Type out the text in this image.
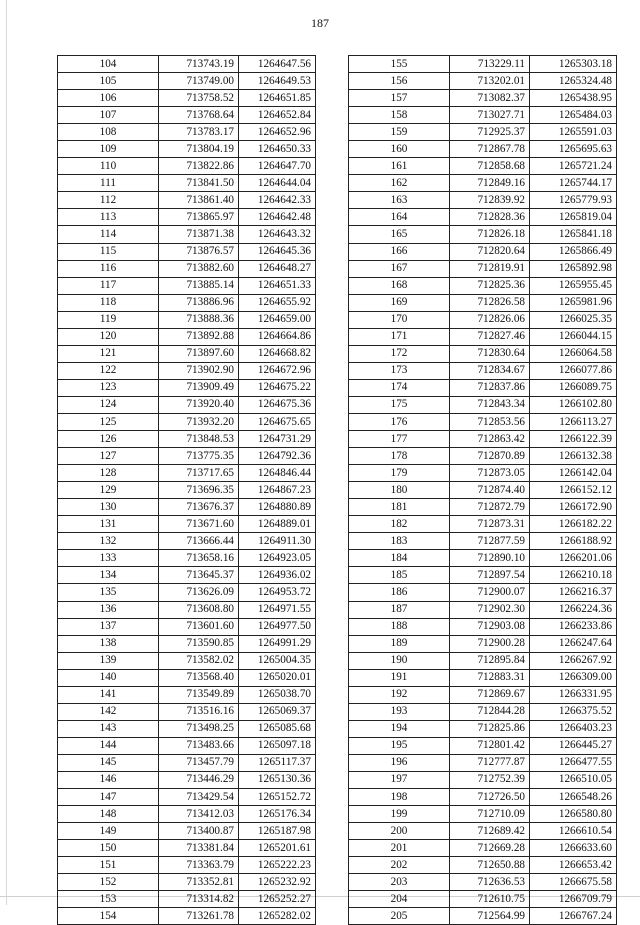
187
104	713743.19	1264647.56
105	713749.00	1264649.53
106	713758.52	1264651.85
107	713768.64	1264652.84
108	713783.17	1264652.96
109	713804.19	1264650.33
110	713822.86	1264647.70
111	713841.50	1264644.04
112	713861.40	1264642.33
113	713865.97	1264642.48
114	713871.38	1264643.32
115	713876.57	1264645.36
116	713882.60	1264648.27
117	713885.14	1264651.33
118	713886.96	1264655.92
119	713888.36	1264659.00
120	713892.88	1264664.86
121	713897.60	1264668.82
122	713902.90	1264672.96
123	713909.49	1264675.22
124	713920.40	1264675.36
125	713932.20	1264675.65
126	713848.53	1264731.29
127	713775.35	1264792.36
128	713717.65	1264846.44
129	713696.35	1264867.23
130	713676.37	1264880.89
131	713671.60	1264889.01
132	713666.44	1264911.30
133	713658.16	1264923.05
134	713645.37	1264936.02
135	713626.09	1264953.72
136	713608.80	1264971.55
137	713601.60	1264977.50
138	713590.85	1264991.29
139	713582.02	1265004.35
140	713568.40	1265020.01
141	713549.89	1265038.70
142	713516.16	1265069.37
143	713498.25	1265085.68
144	713483.66	1265097.18
145	713457.79	1265117.37
146	713446.29	1265130.36
147	713429.54	1265152.72
148	713412.03	1265176.34
149	713400.87	1265187.98
150	713381.84	1265201.61
151	713363.79	1265222.23
152	713352.81	1265232.92
153	713314.82	1265252.27
154	713261.78	1265282.02
155	713229.11	1265303.18
156	713202.01	1265324.48
157	713082.37	1265438.95
158	713027.71	1265484.03
159	712925.37	1265591.03
160	712867.78	1265695.63
161	712858.68	1265721.24
162	712849.16	1265744.17
163	712839.92	1265779.93
164	712828.36	1265819.04
165	712826.18	1265841.18
166	712820.64	1265866.49
167	712819.91	1265892.98
168	712825.36	1265955.45
169	712826.58	1265981.96
170	712826.06	1266025.35
171	712827.46	1266044.15
172	712830.64	1266064.58
173	712834.67	1266077.86
174	712837.86	1266089.75
175	712843.34	1266102.80
176	712853.56	1266113.27
177	712863.42	1266122.39
178	712870.89	1266132.38
179	712873.05	1266142.04
180	712874.40	1266152.12
181	712872.79	1266172.90
182	712873.31	1266182.22
183	712877.59	1266188.92
184	712890.10	1266201.06
185	712897.54	1266210.18
186	712900.07	1266216.37
187	712902.30	1266224.36
188	712903.08	1266233.86
189	712900.28	1266247.64
190	712895.84	1266267.92
191	712883.31	1266309.00
192	712869.67	1266331.95
193	712844.28	1266375.52
194	712825.86	1266403.23
195	712801.42	1266445.27
196	712777.87	1266477.55
197	712752.39	1266510.05
198	712726.50	1266548.26
199	712710.09	1266580.80
200	712689.42	1266610.54
201	712669.28	1266633.60
202	712650.88	1266653.42
203	712636.53	1266675.58
204	712610.75	1266709.79
205	712564.99	1266767.24
